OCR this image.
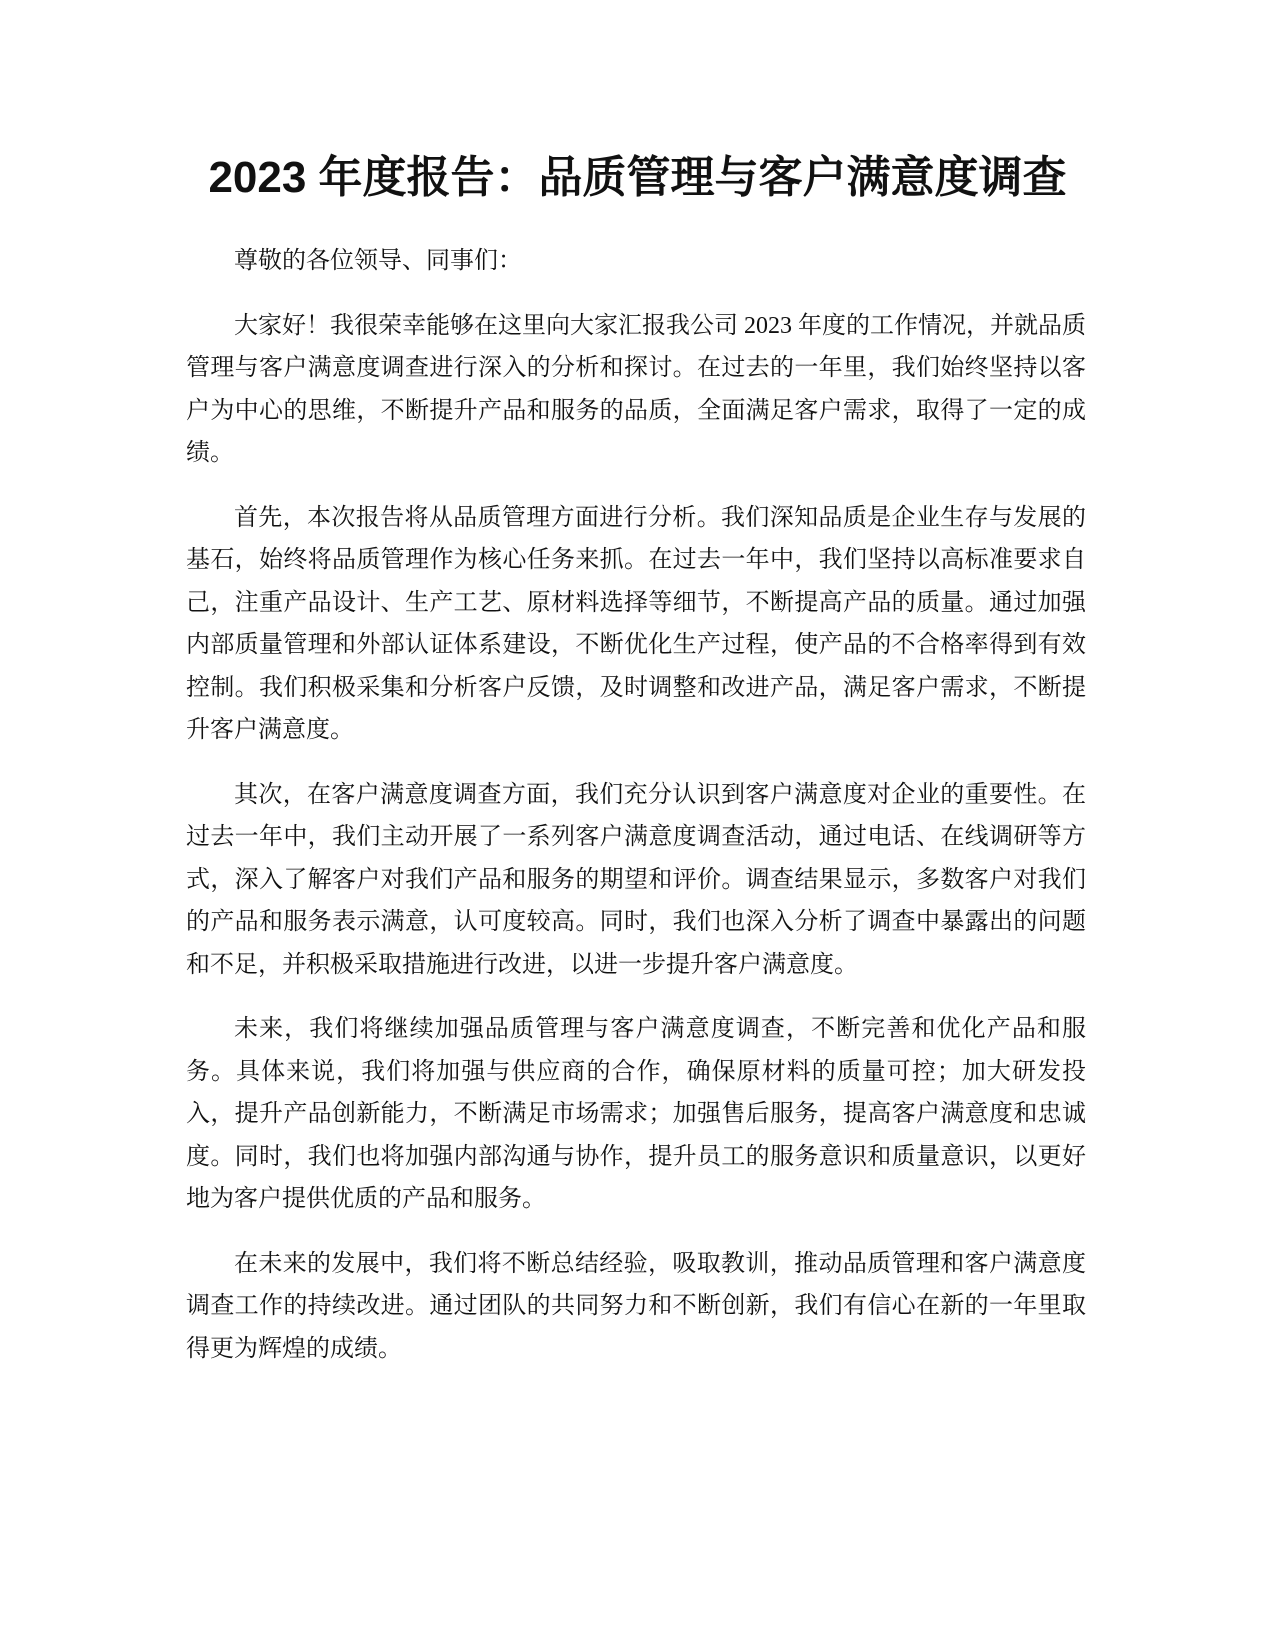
2023 年度报告：品质管理与客户满意度调查

尊敬的各位领导、同事们：

大家好！我很荣幸能够在这里向大家汇报我公司 2023 年度的工作情况，并就品质管理与客户满意度调查进行深入的分析和探讨。在过去的一年里，我们始终坚持以客户为中心的思维，不断提升产品和服务的品质，全面满足客户需求，取得了一定的成绩。

首先，本次报告将从品质管理方面进行分析。我们深知品质是企业生存与发展的基石，始终将品质管理作为核心任务来抓。在过去一年中，我们坚持以高标准要求自己，注重产品设计、生产工艺、原材料选择等细节，不断提高产品的质量。通过加强内部质量管理和外部认证体系建设，不断优化生产过程，使产品的不合格率得到有效控制。我们积极采集和分析客户反馈，及时调整和改进产品，满足客户需求，不断提升客户满意度。

其次，在客户满意度调查方面，我们充分认识到客户满意度对企业的重要性。在过去一年中，我们主动开展了一系列客户满意度调查活动，通过电话、在线调研等方式，深入了解客户对我们产品和服务的期望和评价。调查结果显示，多数客户对我们的产品和服务表示满意，认可度较高。同时，我们也深入分析了调查中暴露出的问题和不足，并积极采取措施进行改进，以进一步提升客户满意度。

未来，我们将继续加强品质管理与客户满意度调查，不断完善和优化产品和服务。具体来说，我们将加强与供应商的合作，确保原材料的质量可控；加大研发投入，提升产品创新能力，不断满足市场需求；加强售后服务，提高客户满意度和忠诚度。同时，我们也将加强内部沟通与协作，提升员工的服务意识和质量意识，以更好地为客户提供优质的产品和服务。

在未来的发展中，我们将不断总结经验，吸取教训，推动品质管理和客户满意度调查工作的持续改进。通过团队的共同努力和不断创新，我们有信心在新的一年里取得更为辉煌的成绩。
